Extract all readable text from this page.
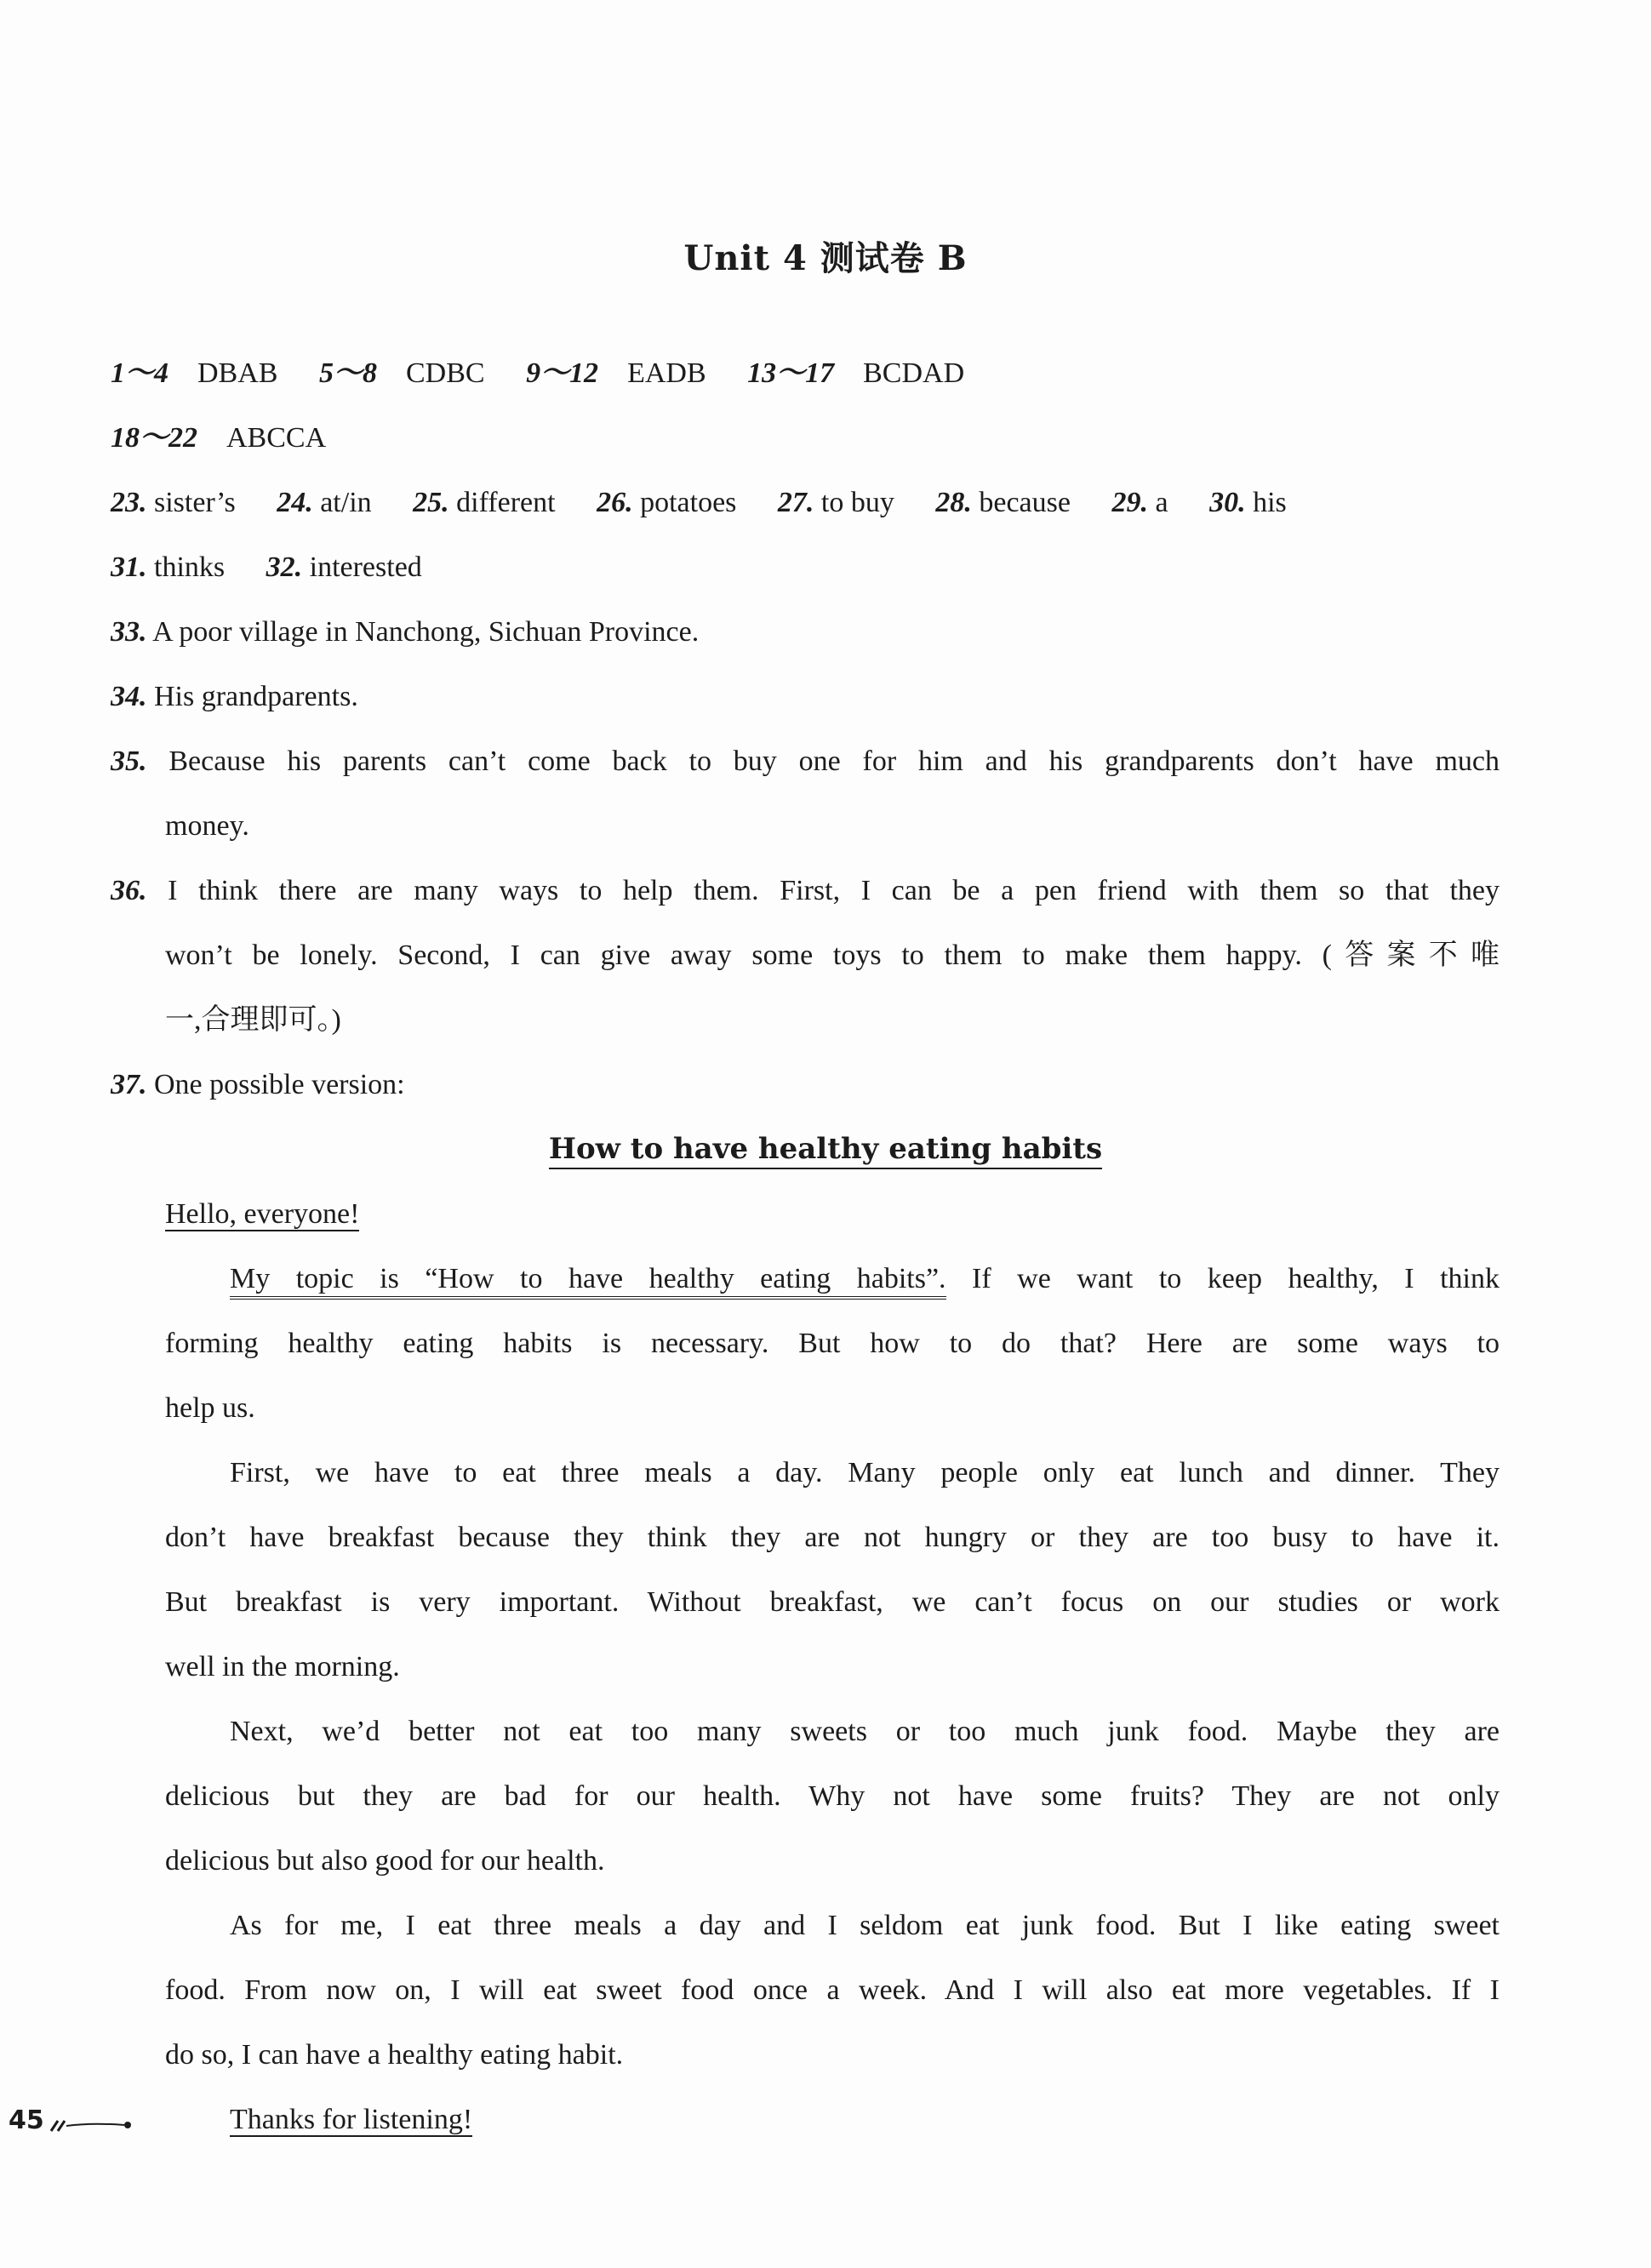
Unit 4 测试卷 B
1～4 DBAB 5～8 CDBC 9～12 EADB 13～17 BCDAD
18～22 ABCCA
23. sister’s 24. at/in 25. different 26. potatoes 27. to buy 28. because 29. a 30. his
31. thinks 32. interested
33. A poor village in Nanchong, Sichuan Province.
34. His grandparents.
35. Because his parents can’t come back to buy one for him and his grandparents don’t have much
money.
36. I think there are many ways to help them. First, I can be a pen friend with them so that they
won’t be lonely. Second, I can give away some toys to them to make them happy. (答案不唯
一,合理即可。)
37. One possible version:
How to have healthy eating habits
Hello, everyone!
My topic is “How to have healthy eating habits”. If we want to keep healthy, I think
forming healthy eating habits is necessary. But how to do that? Here are some ways to
help us.
First, we have to eat three meals a day. Many people only eat lunch and dinner. They
don’t have breakfast because they think they are not hungry or they are too busy to have it.
But breakfast is very important. Without breakfast, we can’t focus on our studies or work
well in the morning.
Next, we’d better not eat too many sweets or too much junk food. Maybe they are
delicious but they are bad for our health. Why not have some fruits? They are not only
delicious but also good for our health.
As for me, I eat three meals a day and I seldom eat junk food. But I like eating sweet
food. From now on, I will eat sweet food once a week. And I will also eat more vegetables. If I
do so, I can have a healthy eating habit.
Thanks for listening!
45
